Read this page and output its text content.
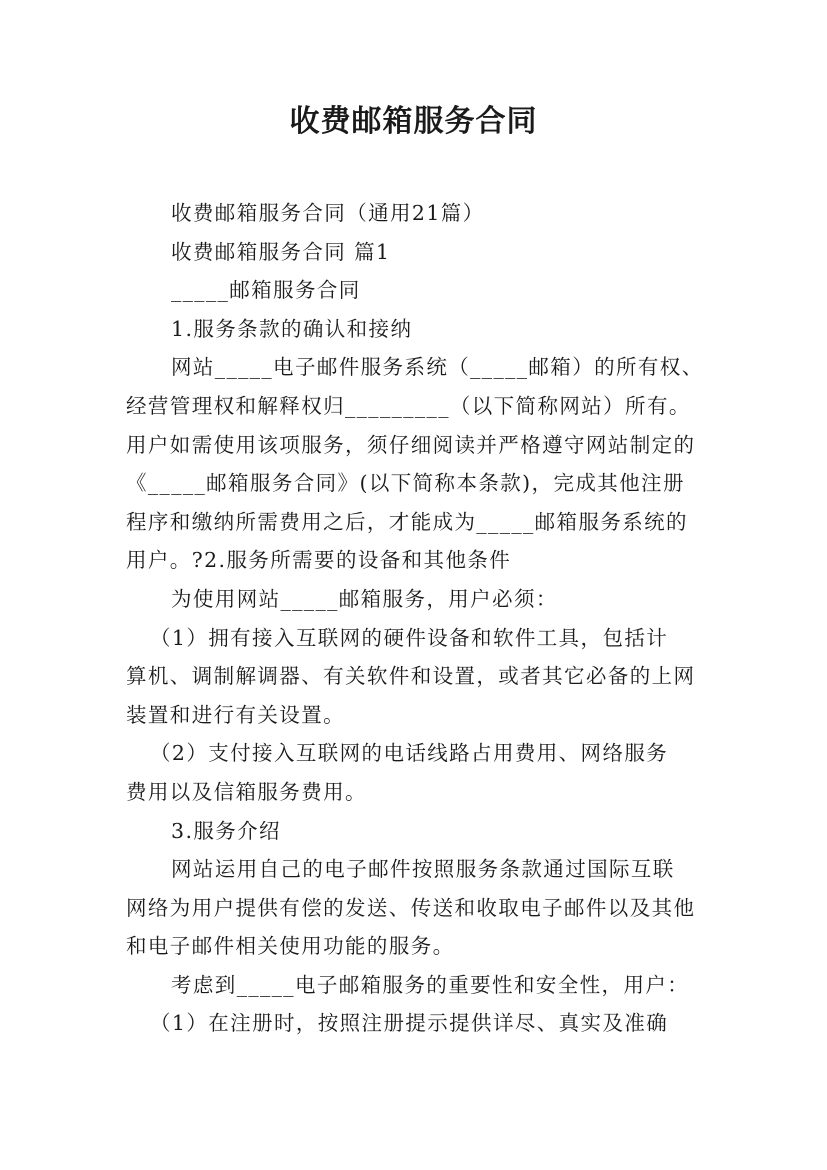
收费邮箱服务合同
收费邮箱服务合同（通用21篇）
收费邮箱服务合同 篇1
_____邮箱服务合同
1.服务条款的确认和接纳
网站_____电子邮件服务系统（_____邮箱）的所有权、
经营管理权和解释权归_________（以下简称网站）所有。
用户如需使用该项服务，须仔细阅读并严格遵守网站制定的
《_____邮箱服务合同》(以下简称本条款)，完成其他注册
程序和缴纳所需费用之后，才能成为_____邮箱服务系统的
用户。?2.服务所需要的设备和其他条件
为使用网站_____邮箱服务，用户必须：
（1）拥有接入互联网的硬件设备和软件工具，包括计
算机、调制解调器、有关软件和设置，或者其它必备的上网
装置和进行有关设置。
（2）支付接入互联网的电话线路占用费用、网络服务
费用以及信箱服务费用。
3.服务介绍
网站运用自己的电子邮件按照服务条款通过国际互联
网络为用户提供有偿的发送、传送和收取电子邮件以及其他
和电子邮件相关使用功能的服务。
考虑到_____电子邮箱服务的重要性和安全性，用户：
（1）在注册时，按照注册提示提供详尽、真实及准确
